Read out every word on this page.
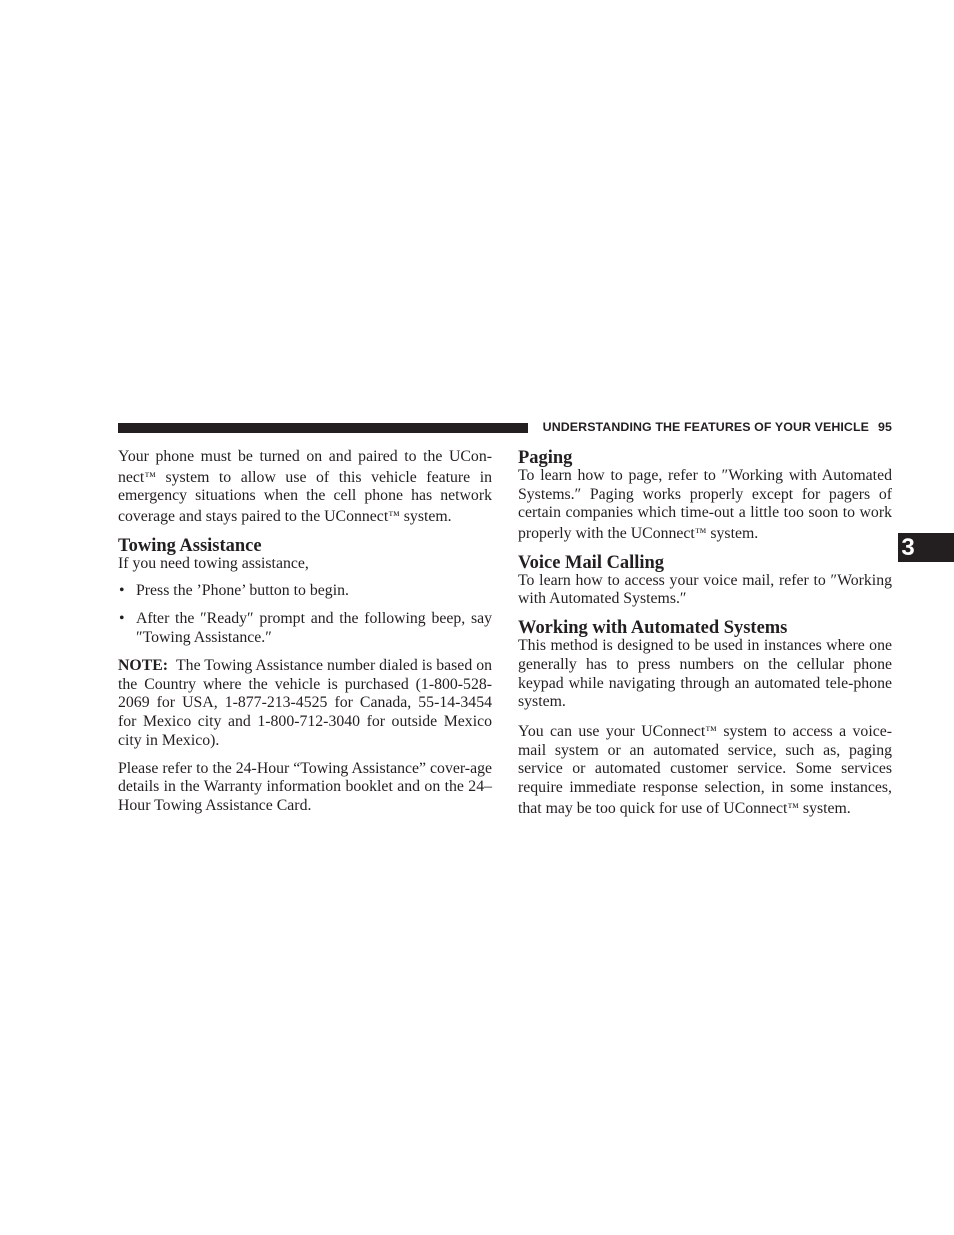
UNDERSTANDING THE FEATURES OF YOUR VEHICLE 95
3

Your phone must be turned on and paired to the UCon-nect™ system to allow use of this vehicle feature in emergency situations when the cell phone has network coverage and stays paired to the UConnect™ system.

Towing Assistance

If you need towing assistance,

• Press the ’Phone’ button to begin.
• After the ″Ready″ prompt and the following beep, say ″Towing Assistance.″

NOTE: The Towing Assistance number dialed is based on the Country where the vehicle is purchased (1-800-528-2069 for USA, 1-877-213-4525 for Canada, 55-14-3454 for Mexico city and 1-800-712-3040 for outside Mexico city in Mexico).

Please refer to the 24-Hour “Towing Assistance” cover-age details in the Warranty information booklet and on the 24–Hour Towing Assistance Card.

Paging

To learn how to page, refer to ″Working with Automated Systems.″ Paging works properly except for pagers of certain companies which time-out a little too soon to work properly with the UConnect™ system.

Voice Mail Calling

To learn how to access your voice mail, refer to ″Working with Automated Systems.″

Working with Automated Systems

This method is designed to be used in instances where one generally has to press numbers on the cellular phone keypad while navigating through an automated tele-phone system.

You can use your UConnect™ system to access a voice-mail system or an automated service, such as, paging service or automated customer service. Some services require immediate response selection, in some instances, that may be too quick for use of UConnect™ system.
